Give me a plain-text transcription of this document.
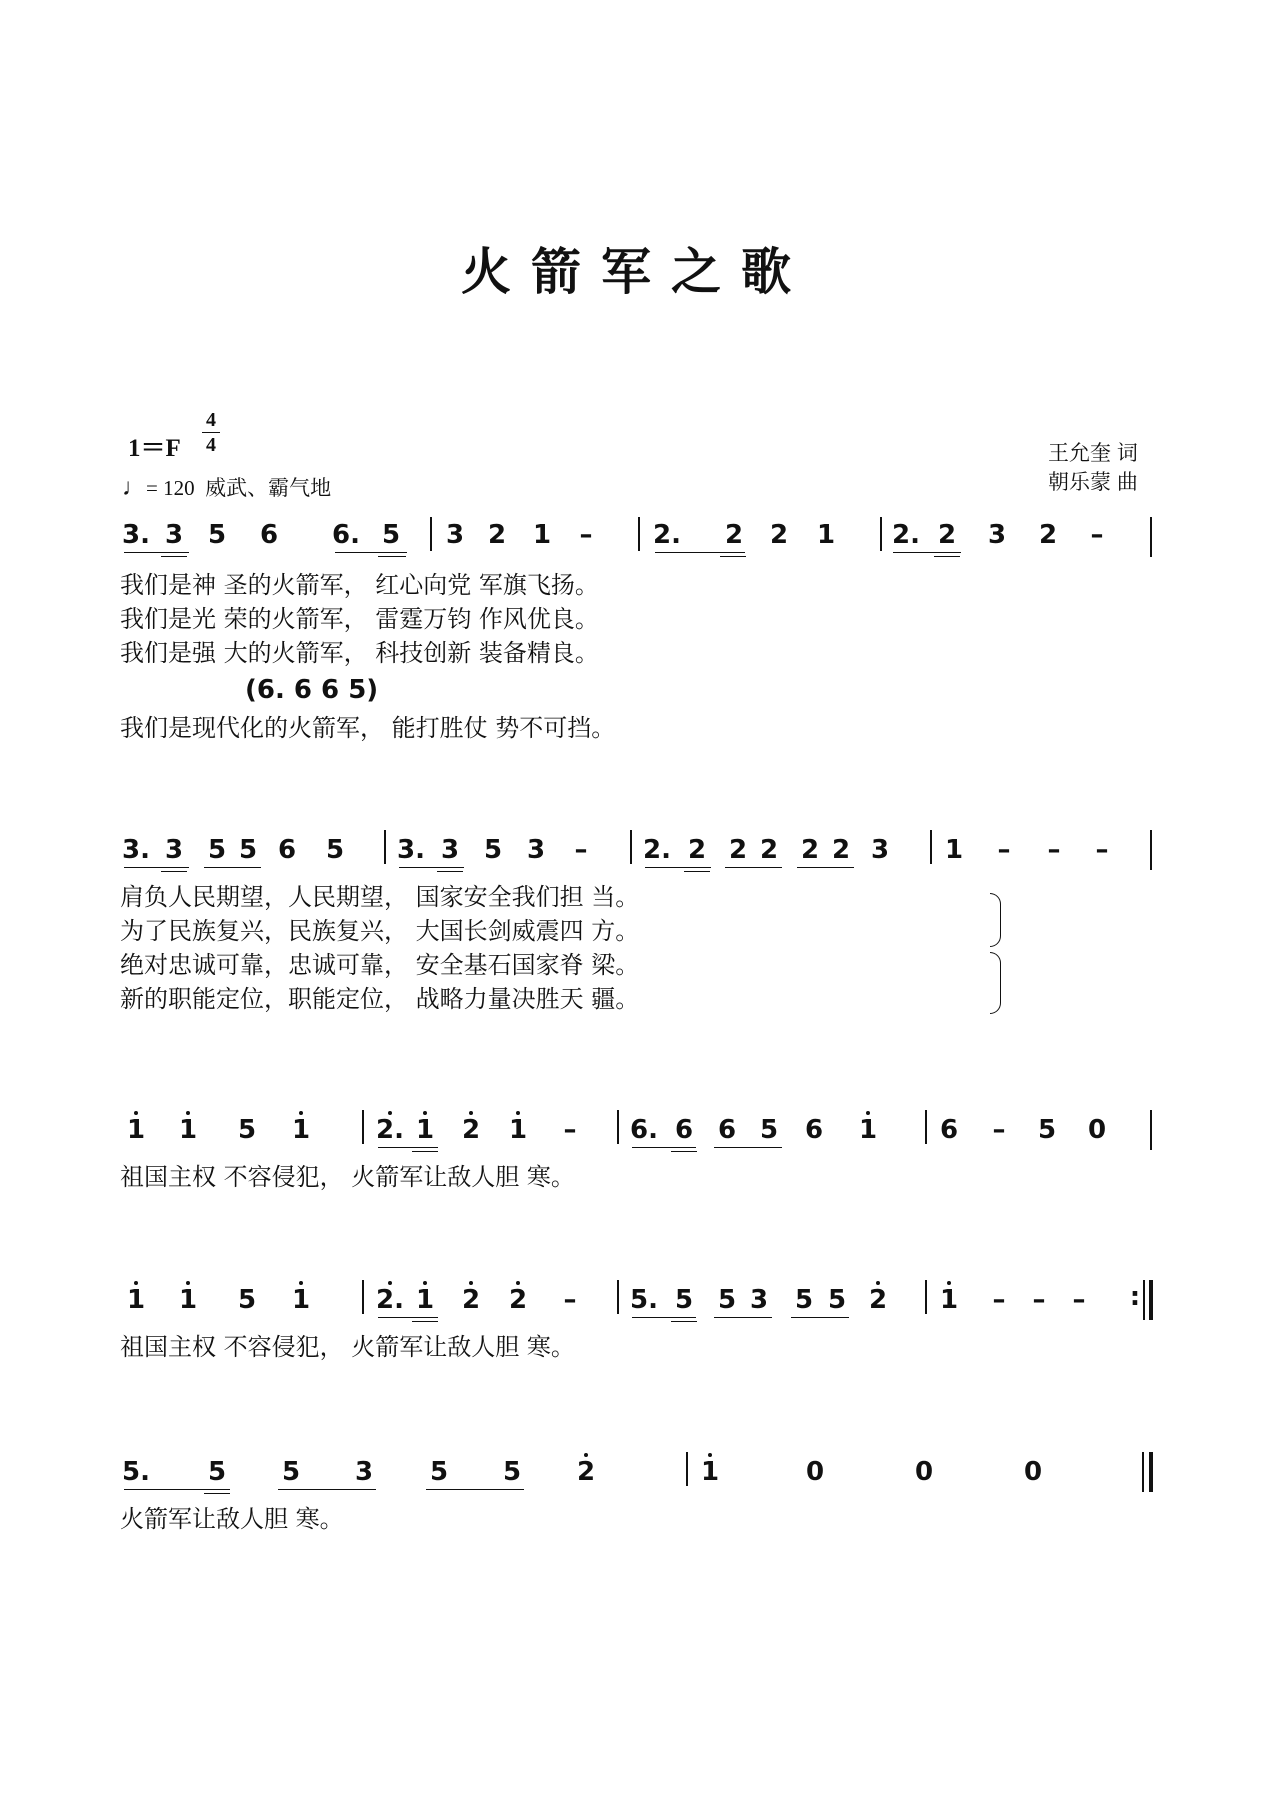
火箭军之歌
1＝F
4
4
♩= 120 威武、霸气地
王允奎 词
朝乐蒙 曲
3. 3 5 6 6. 5 3 2 1 – 2. 2 2 1 2. 2 3 2 –
我们是神 圣的火箭军， 红心向党 军旗飞扬。
我们是光 荣的火箭军， 雷霆万钧 作风优良。
我们是强 大的火箭军， 科技创新 装备精良。
(6. 6 6 5)
我们是现代化的火箭军， 能打胜仗 势不可挡。
3. 3 5 5 6 5 3. 3 5 3 – 2. 2 2 2 2 2 3 1 – – –
肩负人民期望，人民期望， 国家安全我们担 当。
为了民族复兴，民族复兴， 大国长剑威震四 方。
绝对忠诚可靠，忠诚可靠， 安全基石国家脊 梁。
新的职能定位，职能定位， 战略力量决胜天 疆。
1 1 5 1	2. 1 2 1 – 6. 6 6 5 6 1 6 – 5 0
祖国主权 不容侵犯， 火箭军让敌人胆 寒。
1 1 5 1	2. 1 2 2 – 5. 5 5 3 5 5 2 1 – – – :
祖国主权 不容侵犯， 火箭军让敌人胆 寒。
5. 5 5 3 5 5 2	1	0	0	0
火箭军让敌人胆 寒。
3. 3 5 6 6. 5 | 3 2 1 - | 2. 2 2 1 | 2. 2 3 2 - 3. 3 5 5 6 5 | 3. 3 5 3 - | 2. 2 2 2 2 2 3 | 1 - - - 1 1 5 1 | 2. 1 2 1 - | 6. 6 6 5 6 1 | 6 - 5 0 1 1 5 1 | 2. 1 2 2 - | 5. 5 5 3 5 5 2 | 1 - - - :|| 5. 5 5 3 5 5 2 | 1 0 0 0 ||
